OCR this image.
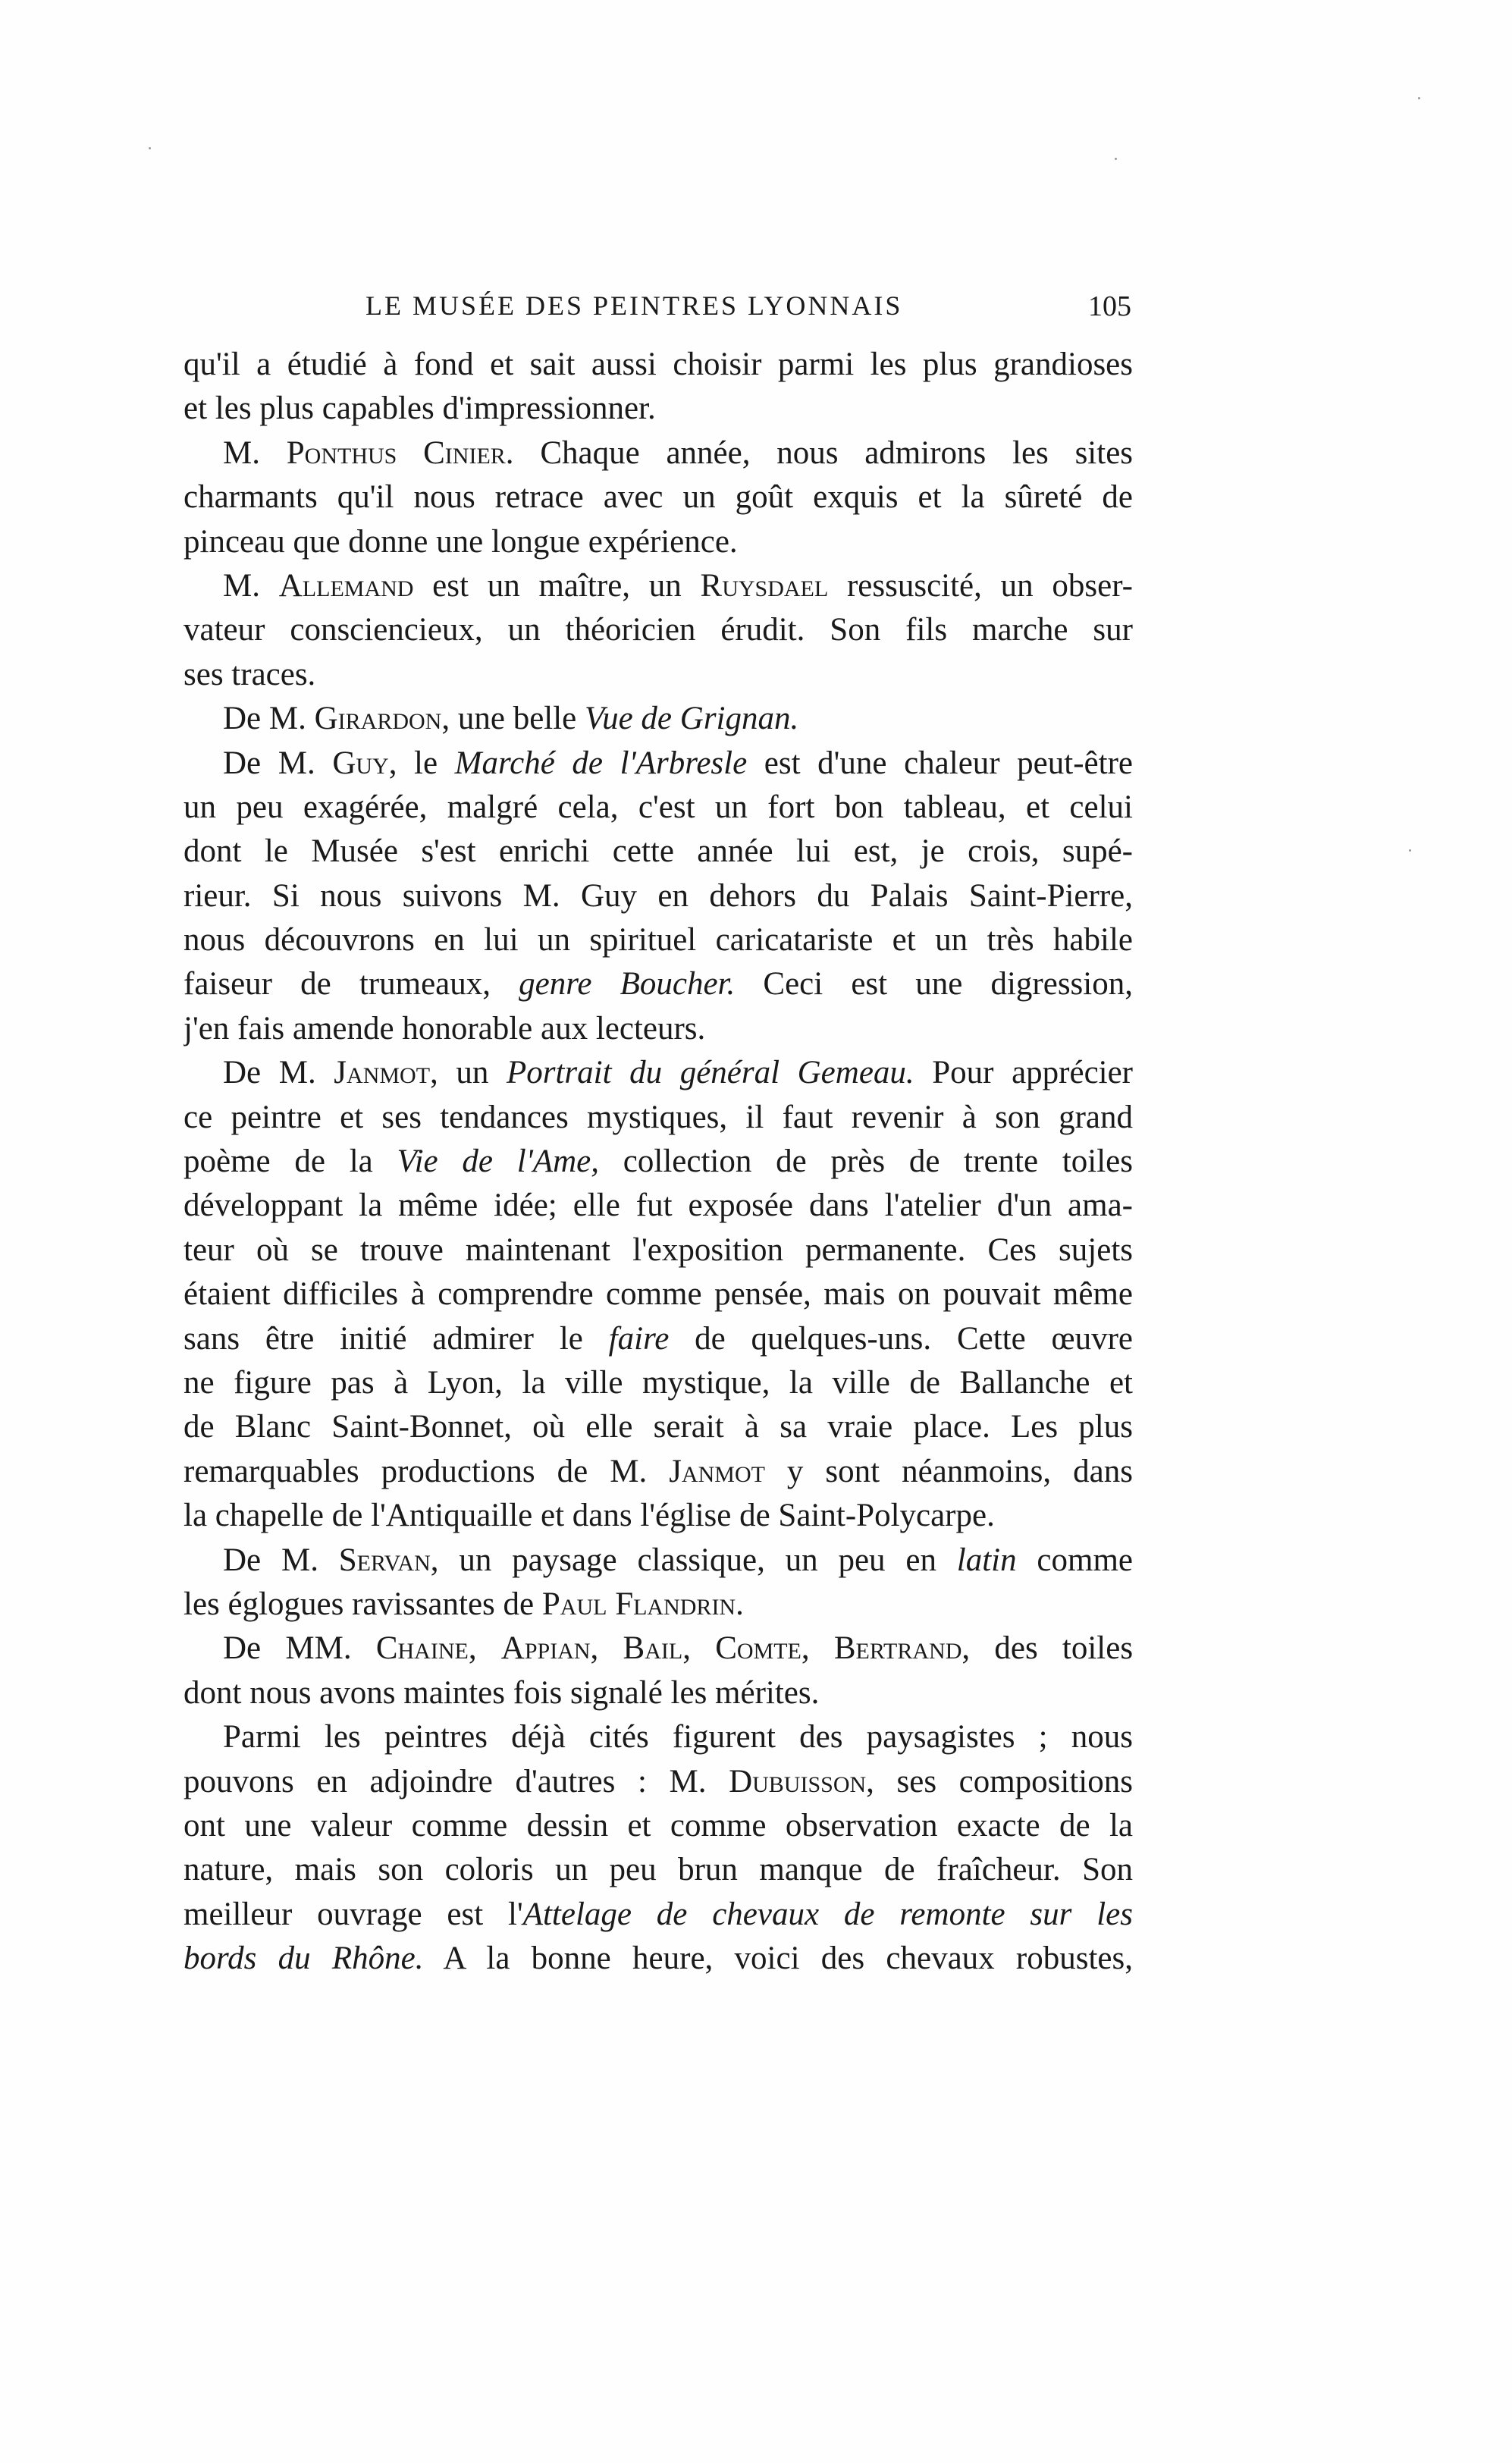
LE MUSÉE DES PEINTRES LYONNAIS	105
qu'il a étudié à fond et sait aussi choisir parmi les plus grandioses
et les plus capables d'impressionner.
M. Ponthus Cinier. Chaque année, nous admirons les sites
charmants qu'il nous retrace avec un goût exquis et la sûreté de
pinceau que donne une longue expérience.
M. Allemand est un maître, un Ruysdael ressuscité, un obser-
vateur consciencieux, un théoricien érudit. Son fils marche sur
ses traces.
De M. Girardon, une belle Vue de Grignan.
De M. Guy, le Marché de l'Arbresle est d'une chaleur peut-être
un peu exagérée, malgré cela, c'est un fort bon tableau, et celui
dont le Musée s'est enrichi cette année lui est, je crois, supé-
rieur. Si nous suivons M. Guy en dehors du Palais Saint-Pierre,
nous découvrons en lui un spirituel caricatariste et un très habile
faiseur de trumeaux, genre Boucher. Ceci est une digression,
j'en fais amende honorable aux lecteurs.
De M. Janmot, un Portrait du général Gemeau. Pour apprécier
ce peintre et ses tendances mystiques, il faut revenir à son grand
poème de la Vie de l'Ame, collection de près de trente toiles
développant la même idée; elle fut exposée dans l'atelier d'un ama-
teur où se trouve maintenant l'exposition permanente. Ces sujets
étaient difficiles à comprendre comme pensée, mais on pouvait même
sans être initié admirer le faire de quelques-uns. Cette œuvre
ne figure pas à Lyon, la ville mystique, la ville de Ballanche et
de Blanc Saint-Bonnet, où elle serait à sa vraie place. Les plus
remarquables productions de M. Janmot y sont néanmoins, dans
la chapelle de l'Antiquaille et dans l'église de Saint-Polycarpe.
De M. Servan, un paysage classique, un peu en latin comme
les églogues ravissantes de Paul Flandrin.
De MM. Chaine, Appian, Bail, Comte, Bertrand, des toiles
dont nous avons maintes fois signalé les mérites.
Parmi les peintres déjà cités figurent des paysagistes ; nous
pouvons en adjoindre d'autres : M. Dubuisson, ses compositions
ont une valeur comme dessin et comme observation exacte de la
nature, mais son coloris un peu brun manque de fraîcheur. Son
meilleur ouvrage est l'Attelage de chevaux de remonte sur les
bords du Rhône. A la bonne heure, voici des chevaux robustes,
